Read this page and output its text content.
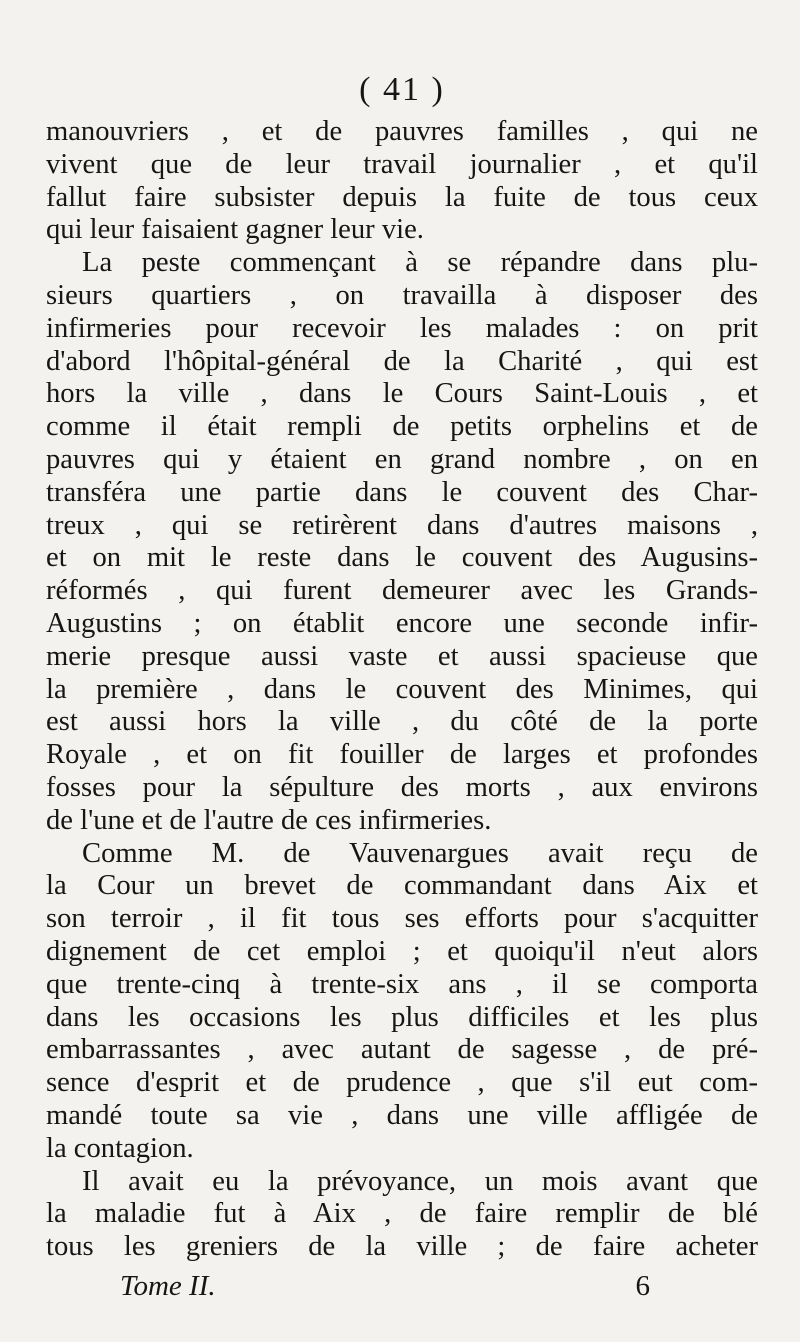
( 41 )
manouvriers , et de pauvres familles , qui ne
vivent que de leur travail journalier , et qu'il
fallut faire subsister depuis la fuite de tous ceux
qui leur faisaient gagner leur vie.
La peste commençant à se répandre dans plu-
sieurs quartiers , on travailla à disposer des
infirmeries pour recevoir les malades : on prit
d'abord l'hôpital-général de la Charité , qui est
hors la ville , dans le Cours Saint-Louis , et
comme il était rempli de petits orphelins et de
pauvres qui y étaient en grand nombre , on en
transféra une partie dans le couvent des Char-
treux , qui se retirèrent dans d'autres maisons ,
et on mit le reste dans le couvent des Augusins-
réformés , qui furent demeurer avec les Grands-
Augustins ; on établit encore une seconde infir-
merie presque aussi vaste et aussi spacieuse que
la première , dans le couvent des Minimes, qui
est aussi hors la ville , du côté de la porte
Royale , et on fit fouiller de larges et profondes
fosses pour la sépulture des morts , aux environs
de l'une et de l'autre de ces infirmeries.
Comme M. de Vauvenargues avait reçu de
la Cour un brevet de commandant dans Aix et
son terroir , il fit tous ses efforts pour s'acquitter
dignement de cet emploi ; et quoiqu'il n'eut alors
que trente-cinq à trente-six ans , il se comporta
dans les occasions les plus difficiles et les plus
embarrassantes , avec autant de sagesse , de pré-
sence d'esprit et de prudence , que s'il eut com-
mandé toute sa vie , dans une ville affligée de
la contagion.
Il avait eu la prévoyance, un mois avant que
la maladie fut à Aix , de faire remplir de blé
tous les greniers de la ville ; de faire acheter
Tome II.	6
